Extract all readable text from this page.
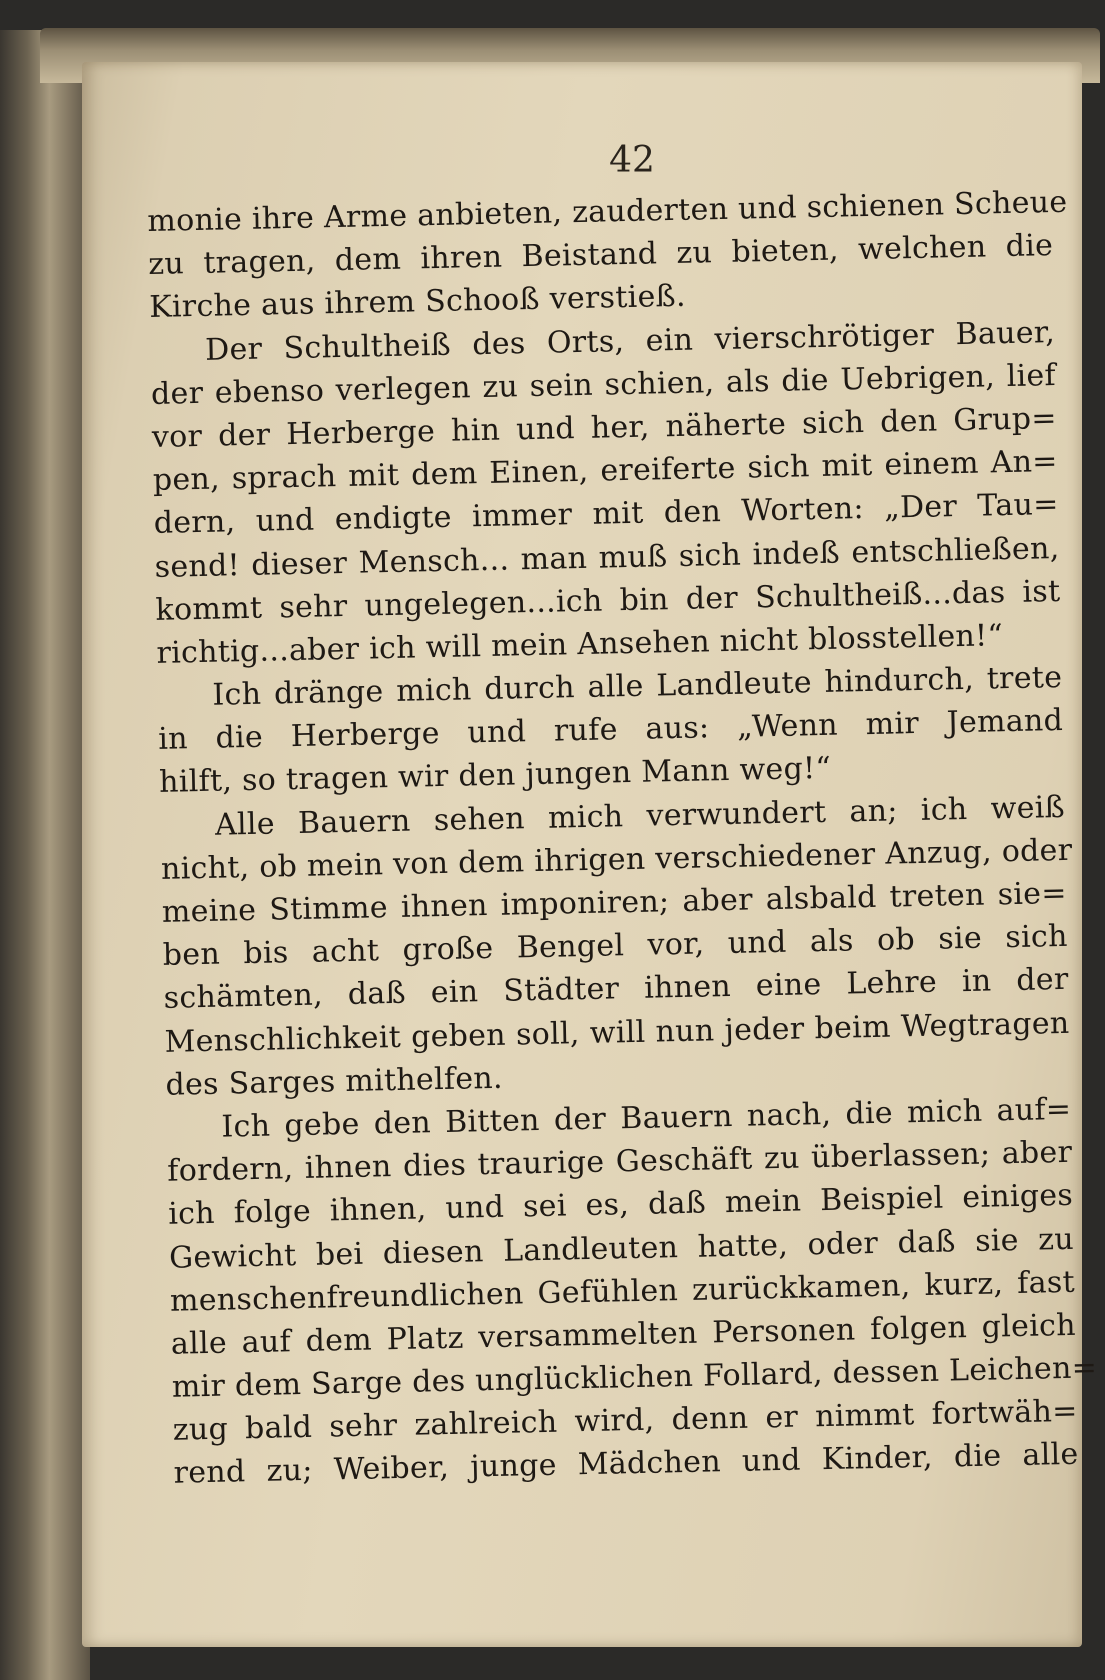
42
monie ihre Arme anbieten, zauderten und schienen Scheue
zu tragen, dem ihren Beistand zu bieten, welchen die
Kirche aus ihrem Schooß verstieß.
Der Schultheiß des Orts, ein vierschrötiger Bauer,
der ebenso verlegen zu sein schien, als die Uebrigen, lief
vor der Herberge hin und her, näherte sich den Grup=
pen, sprach mit dem Einen, ereiferte sich mit einem An=
dern, und endigte immer mit den Worten: „Der Tau=
send! dieser Mensch... man muß sich indeß entschließen,
kommt sehr ungelegen...ich bin der Schultheiß...das ist
richtig...aber ich will mein Ansehen nicht blosstellen!“
Ich dränge mich durch alle Landleute hindurch, trete
in die Herberge und rufe aus: „Wenn mir Jemand
hilft, so tragen wir den jungen Mann weg!“
Alle Bauern sehen mich verwundert an; ich weiß
nicht, ob mein von dem ihrigen verschiedener Anzug, oder
meine Stimme ihnen imponiren; aber alsbald treten sie=
ben bis acht große Bengel vor, und als ob sie sich
schämten, daß ein Städter ihnen eine Lehre in der
Menschlichkeit geben soll, will nun jeder beim Wegtragen
des Sarges mithelfen.
Ich gebe den Bitten der Bauern nach, die mich auf=
fordern, ihnen dies traurige Geschäft zu überlassen; aber
ich folge ihnen, und sei es, daß mein Beispiel einiges
Gewicht bei diesen Landleuten hatte, oder daß sie zu
menschenfreundlichen Gefühlen zurückkamen, kurz, fast
alle auf dem Platz versammelten Personen folgen gleich
mir dem Sarge des unglücklichen Follard, dessen Leichen=
zug bald sehr zahlreich wird, denn er nimmt fortwäh=
rend zu; Weiber, junge Mädchen und Kinder, die alle
